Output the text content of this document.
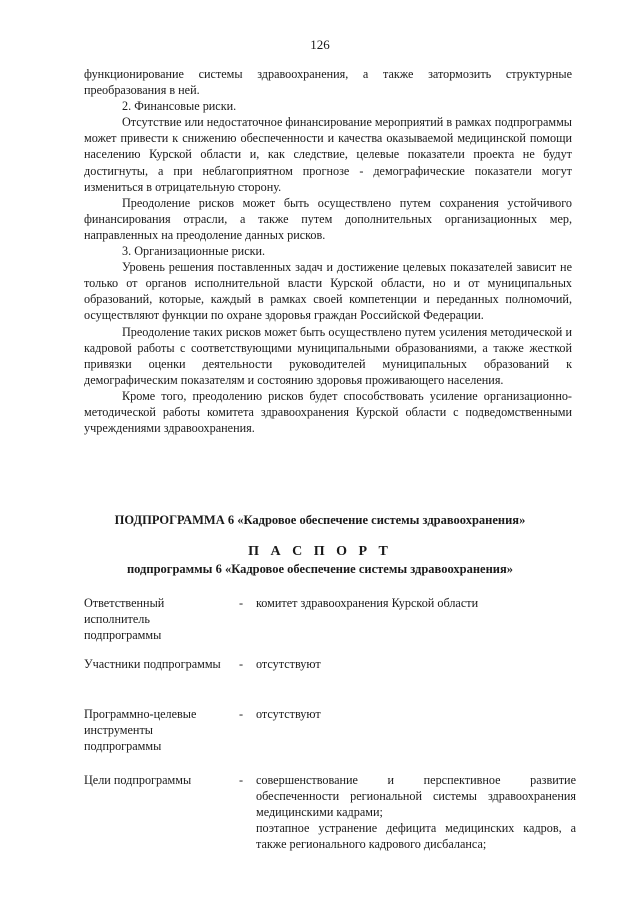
126

функционирование системы здравоохранения, а также затормозить структурные преобразования в ней.

2. Финансовые риски.

Отсутствие или недостаточное финансирование мероприятий в рамках подпрограммы может привести к снижению обеспеченности и качества оказываемой медицинской помощи населению Курской области и, как следствие, целевые показатели проекта не будут достигнуты, а при неблагоприятном прогнозе - демографические показатели могут измениться в отрицательную сторону.

Преодоление рисков может быть осуществлено путем сохранения устойчивого финансирования отрасли, а также путем дополнительных организационных мер, направленных на преодоление данных рисков.

3. Организационные риски.

Уровень решения поставленных задач и достижение целевых показателей зависит не только от органов исполнительной власти Курской области, но и от муниципальных образований, которые, каждый в рамках своей компетенции и переданных полномочий, осуществляют функции по охране здоровья граждан Российской Федерации.

Преодоление таких рисков может быть осуществлено путем усиления методической и кадровой работы с соответствующими муниципальными образованиями, а также жесткой привязки оценки деятельности руководителей муниципальных образований к демографическим показателям и состоянию здоровья проживающего населения.

Кроме того, преодолению рисков будет способствовать усиление организационно-методической работы комитета здравоохранения Курской области с подведомственными учреждениями здравоохранения.

ПОДПРОГРАММА 6 «Кадровое обеспечение системы здравоохранения»
П А С П О Р Т
подпрограммы 6 «Кадровое обеспечение системы здравоохранения»
Ответственный исполнитель подпрограммы
- комитет здравоохранения Курской области
Участники подпрограммы	- отсутствуют
Программно-целевые инструменты подпрограммы
- отсутствуют
Цели подпрограммы	- совершенствование и перспективное развитие обеспеченности региональной системы здравоохранения медицинскими кадрами;
поэтапное устранение дефицита медицинских кадров, а также регионального кадрового дисбаланса;
